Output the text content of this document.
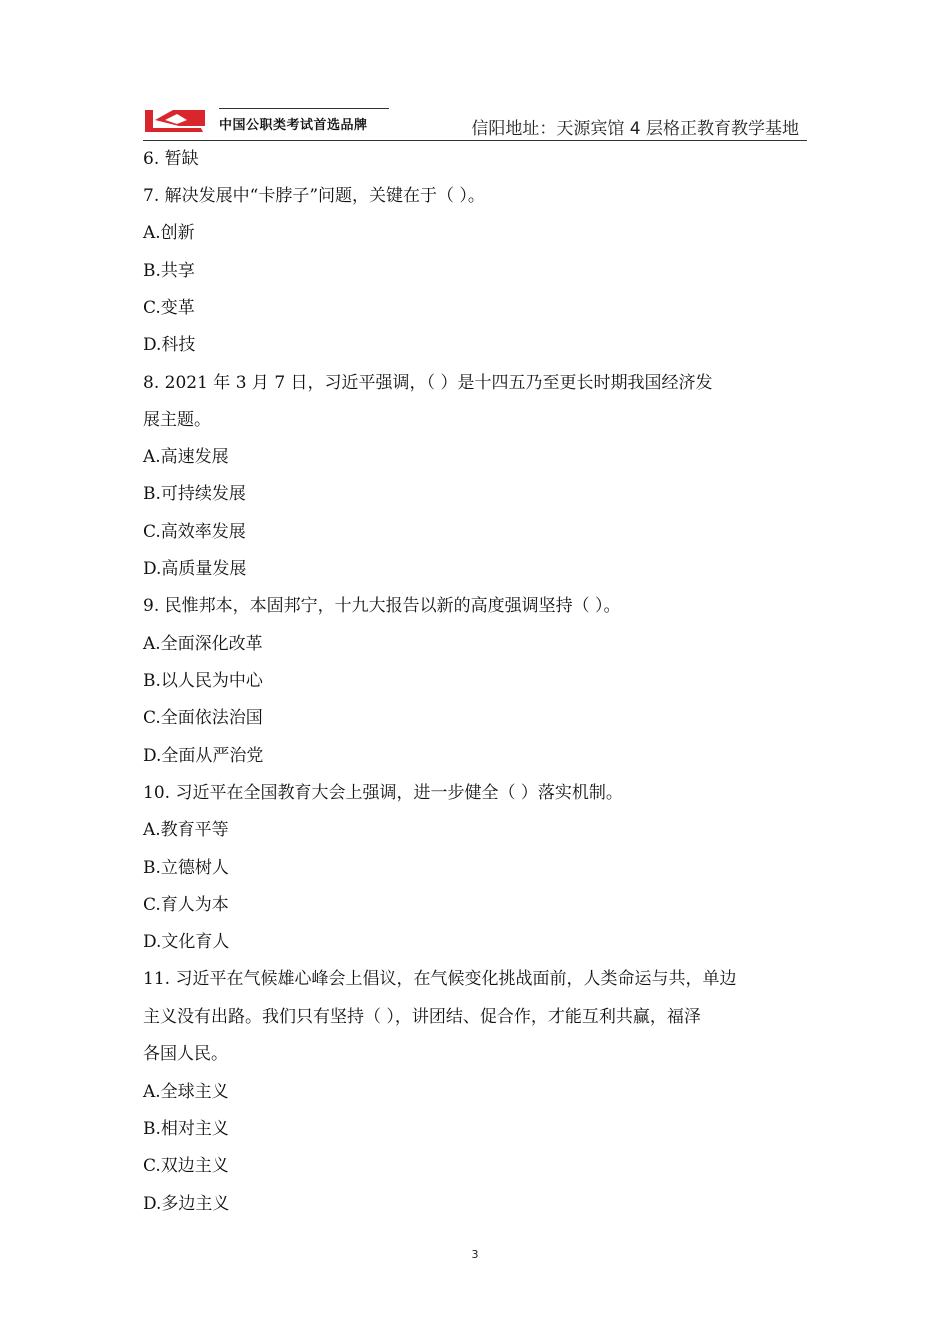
中国公职类考试首选品牌	信阳地址：天源宾馆 4 层格正教育教学基地
6. 暂缺
7. 解决发展中“卡脖子”问题，关键在于（ ）。
A.创新
B.共享
C.变革
D.科技
8. 2021 年 3 月 7 日，习近平强调，（ ）是十四五乃至更长时期我国经济发
展主题。
A.高速发展
B.可持续发展
C.高效率发展
D.高质量发展
9. 民惟邦本，本固邦宁，十九大报告以新的高度强调坚持（ ）。
A.全面深化改革
B.以人民为中心
C.全面依法治国
D.全面从严治党
10. 习近平在全国教育大会上强调，进一步健全（ ）落实机制。
A.教育平等
B.立德树人
C.育人为本
D.文化育人
11. 习近平在气候雄心峰会上倡议，在气候变化挑战面前，人类命运与共，单边
主义没有出路。我们只有坚持（ ），讲团结、促合作，才能互利共赢，福泽
各国人民。
A.全球主义
B.相对主义
C.双边主义
D.多边主义
3
